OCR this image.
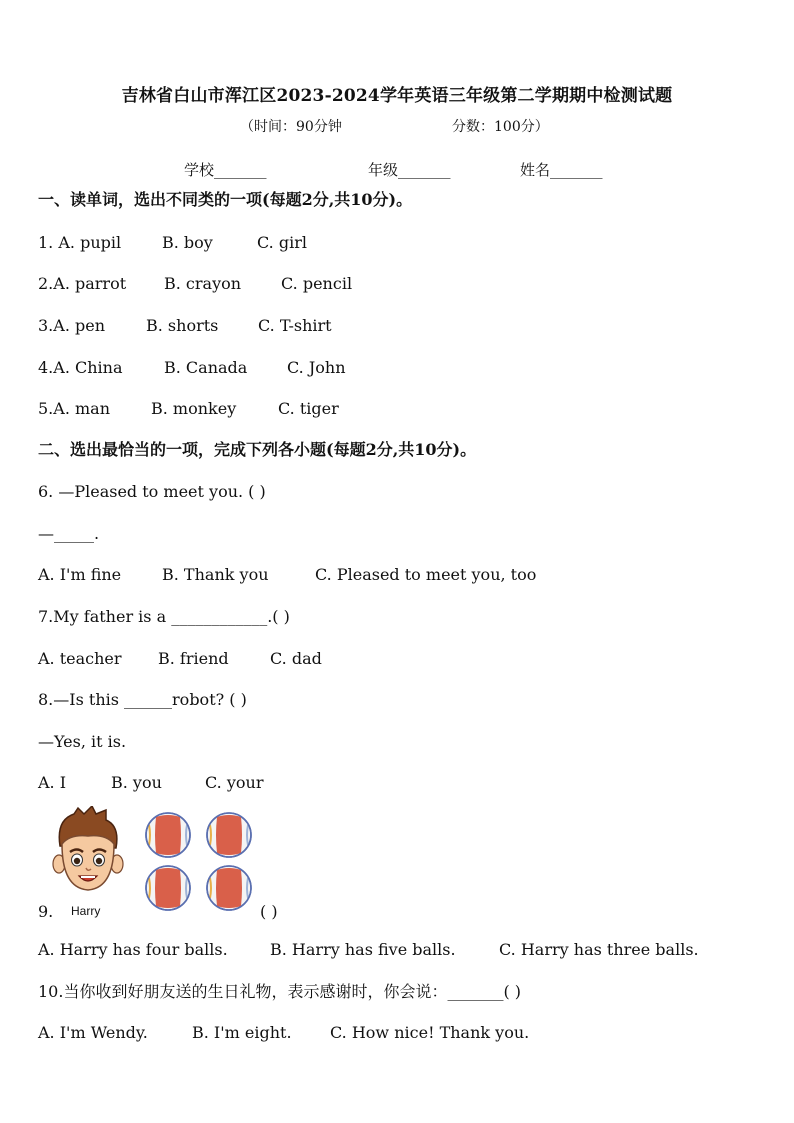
吉林省白山市浑江区2023-2024学年英语三年级第二学期期中检测试题
（时间：90分钟	分数：100分）
学校_______	年级_______	姓名_______
一、读单词，选出不同类的一项(每题2分,共10分)。
1. A. pupil	B. boy	C. girl
2.A. parrot B. crayon C. pencil
3.A. pen	B. shorts C. T-shirt
4.A. China	B. Canada C. John
5.A. man	B. monkey	C. tiger
二、选出最恰当的一项，完成下列各小题(每题2分,共10分)。
6. —Pleased to meet you. ( )
—_____.
A. I'm fine	B. Thank you	C. Pleased to meet you, too
7.My father is a ____________.( )
A. teacher B. friend	C. dad
8.—Is this ______robot? ( )
—Yes, it is.
A. I	B. you	C. your
Harry
9.	( )
A. Harry has four balls.	B. Harry has five balls.	C. Harry has three balls.
10.当你收到好朋友送的生日礼物，表示感谢时，你会说：_______( )
A. I'm Wendy.	B. I'm eight. C. How nice! Thank you.
